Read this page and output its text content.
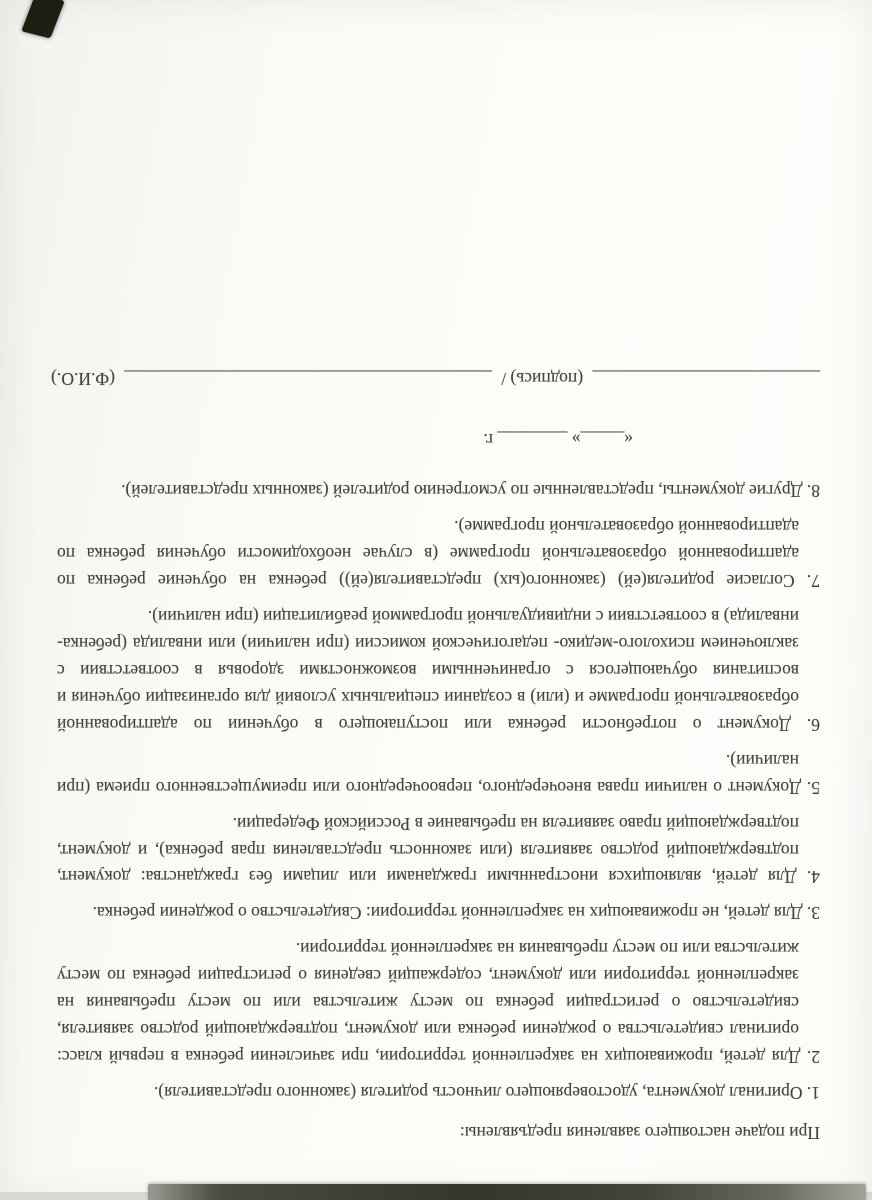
При подаче настоящего заявления предъявлены:

1. Оригинал документа, удостоверяющего личность родителя (законного представителя).

2. Для детей, проживающих на закрепленной территории, при зачислении ребенка в первый класс: оригинал свидетельства о рождении ребенка или документ, подтверждающий родство заявителя, свидетельство о регистрации ребенка по месту жительства или по месту пребывания на закрепленной территории или документ, содержащий сведения о регистрации ребенка по месту жительства или по месту пребывания на закрепленной территории.

3. Для детей, не проживающих на закрепленной территории: Свидетельство о рождении ребенка.

4. Для детей, являющихся иностранными гражданами или лицами без гражданства: документ, подтверждающий родство заявителя (или законность представления прав ребенка), и документ, подтверждающий право заявителя на пребывание в Российской Федерации.

5. Документ о наличии права внеочередного, первоочередного или преимущественного приема (при наличии).

6. Документ о потребности ребенка или поступающего в обучении по адаптированной образовательной программе и (или) в создании специальных условий для организации обучения и воспитания обучающегося с ограниченными возможностями здоровья в соответствии с заключением психолого-медико- педагогической комиссии (при наличии) или инвалида (ребенка-инвалида) в соответствии с индивидуальной программой реабилитации (при наличии).

7. Согласие родителя(ей) (законного(ых) представителя(ей)) ребенка на обучение ребенка по адаптированной образовательной программе (в случае необходимости обучения ребенка по адаптированной образовательной программе).

8. Другие документы, представленные по усмотрению родителей (законных представителей).

«_____» ________ г.

__________________________ (подпись) / __________________________________________ (Ф.И.О.)
